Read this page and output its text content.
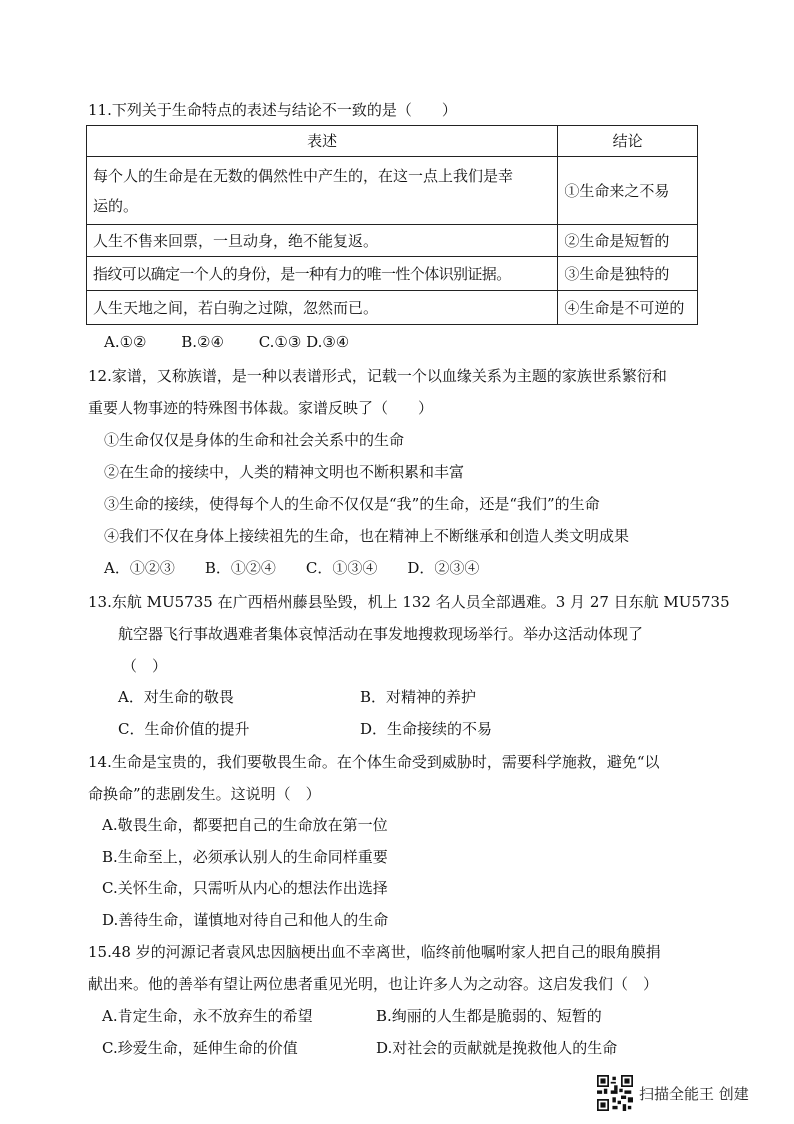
11.下列关于生命特点的表述与结论不一致的是（　　）
表述	结论
每个人的生命是在无数的偶然性中产生的，在这一点上我们是幸
运的。	①生命来之不易
人生不售来回票，一旦动身，绝不能复返。	②生命是短暂的
指纹可以确定一个人的身份，是一种有力的唯一性个体识别证据。	③生命是独特的
人生天地之间，若白驹之过隙，忽然而已。	④生命是不可逆的
A.①②　　 B.②④　　 C.①③ D.③④
12.家谱，又称族谱，是一种以表谱形式，记载一个以血缘关系为主题的家族世系繁衍和
重要人物事迹的特殊图书体裁。家谱反映了（　　）
①生命仅仅是身体的生命和社会关系中的生命
②在生命的接续中，人类的精神文明也不断积累和丰富
③生命的接续，使得每个人的生命不仅仅是“我”的生命，还是“我们”的生命
④我们不仅在身体上接续祖先的生命，也在精神上不断继承和创造人类文明成果
A．①②③　　B．①②④　　C．①③④　　D．②③④
13.东航 MU5735 在广西梧州藤县坠毁，机上 132 名人员全部遇难。3 月 27 日东航 MU5735
航空器飞行事故遇难者集体哀悼活动在事发地搜救现场举行。举办这活动体现了
（　）
A．对生命的敬畏	B．对精神的养护
C．生命价值的提升	D．生命接续的不易
14.生命是宝贵的，我们要敬畏生命。在个体生命受到威胁时，需要科学施救，避免“以
命换命”的悲剧发生。这说明（　）
A.敬畏生命，都要把自己的生命放在第一位
B.生命至上，必须承认别人的生命同样重要
C.关怀生命，只需听从内心的想法作出选择
D.善待生命，谨慎地对待自己和他人的生命
15.48 岁的河源记者袁风忠因脑梗出血不幸离世，临终前他嘱咐家人把自己的眼角膜捐
献出来。他的善举有望让两位患者重见光明，也让许多人为之动容。这启发我们（　）
A.肯定生命，永不放弃生的希望	B.绚丽的人生都是脆弱的、短暂的
C.珍爱生命，延伸生命的价值	D.对社会的贡献就是挽救他人的生命
扫描全能王 创建
